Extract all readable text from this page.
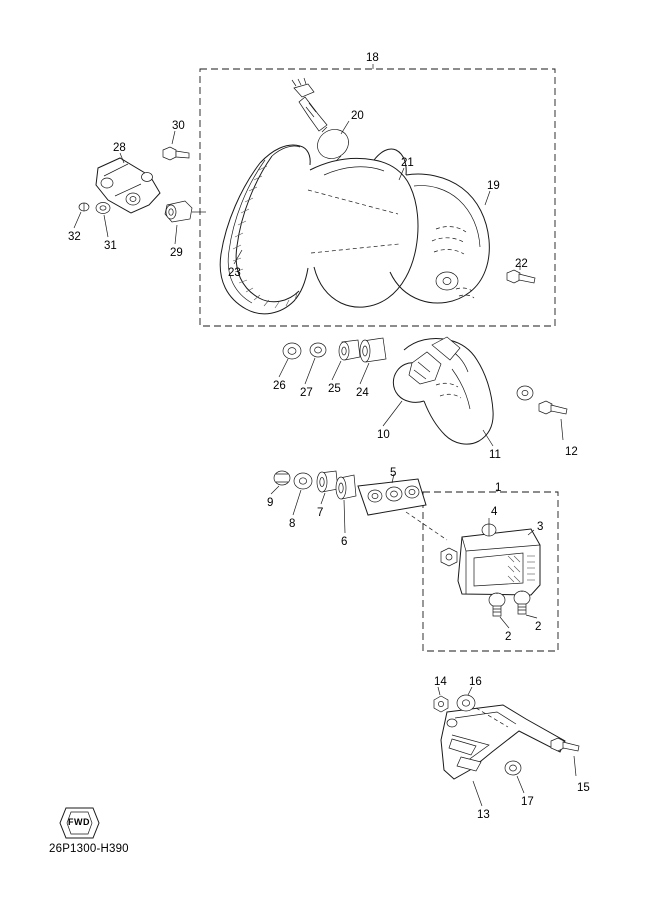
18
30
28
20
21
19
32
31
29
23
22
26
27 25 24
10
11	12
5
1
9
8
7
6
4
3
2
2
14 16
15
13
17
FWD
26P1300-H390
